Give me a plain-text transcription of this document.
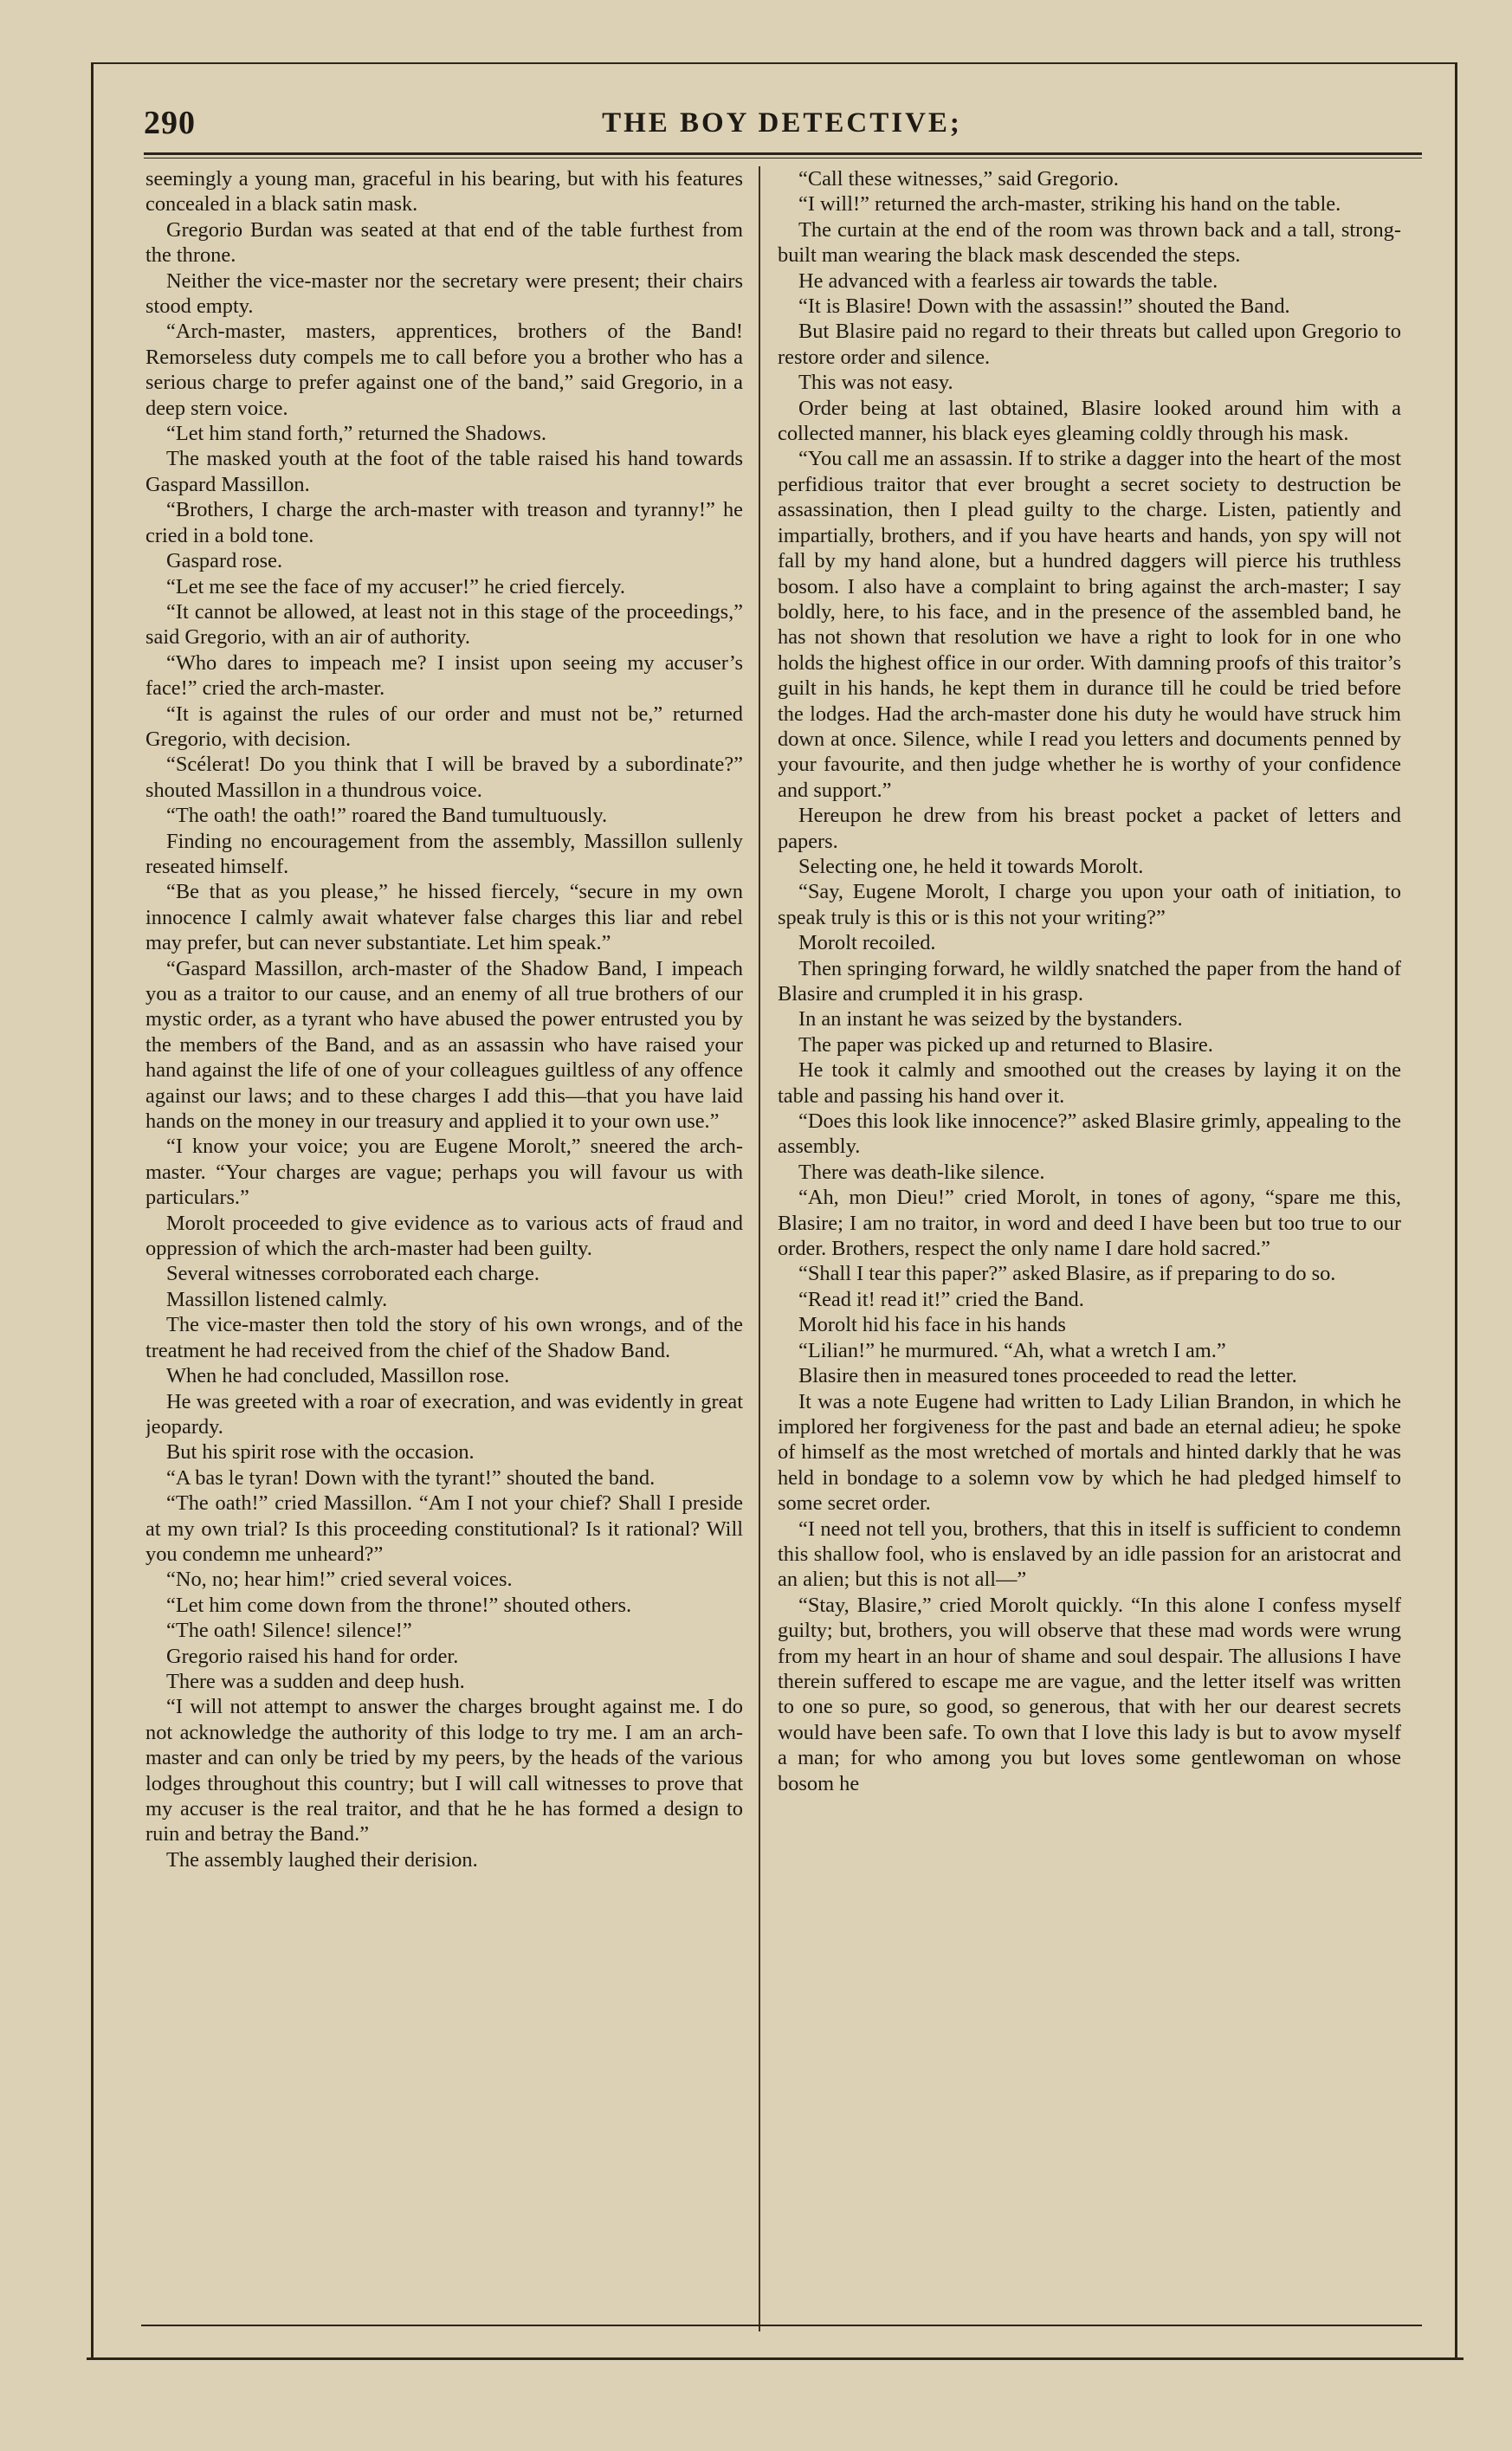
290	THE BOY DETECTIVE;

seemingly a young man, graceful in his bearing, but with his features concealed in a black satin mask.

Gregorio Burdan was seated at that end of the table furthest from the throne.

Neither the vice-master nor the secretary were present; their chairs stood empty.

“Arch-master, masters, apprentices, brothers of the Band! Remorseless duty compels me to call before you a brother who has a serious charge to prefer against one of the band,” said Gregorio, in a deep stern voice.

“Let him stand forth,” returned the Shadows.

The masked youth at the foot of the table raised his hand towards Gaspard Massillon.

“Brothers, I charge the arch-master with treason and tyranny!” he cried in a bold tone.

Gaspard rose.

“Let me see the face of my accuser!” he cried fiercely.

“It cannot be allowed, at least not in this stage of the proceedings,” said Gregorio, with an air of authority.

“Who dares to impeach me? I insist upon seeing my accuser’s face!” cried the arch-master.

“It is against the rules of our order and must not be,” returned Gregorio, with decision.

“Scélerat! Do you think that I will be braved by a subordinate?” shouted Massillon in a thundrous voice.

“The oath! the oath!” roared the Band tumultuously.

Finding no encouragement from the assembly, Massillon sullenly reseated himself.

“Be that as you please,” he hissed fiercely, “secure in my own innocence I calmly await whatever false charges this liar and rebel may prefer, but can never substantiate. Let him speak.”

“Gaspard Massillon, arch-master of the Shadow Band, I impeach you as a traitor to our cause, and an enemy of all true brothers of our mystic order, as a tyrant who have abused the power entrusted you by the members of the Band, and as an assassin who have raised your hand against the life of one of your colleagues guiltless of any offence against our laws; and to these charges I add this—that you have laid hands on the money in our treasury and applied it to your own use.”

“I know your voice; you are Eugene Morolt,” sneered the arch-master. “Your charges are vague; perhaps you will favour us with particulars.”

Morolt proceeded to give evidence as to various acts of fraud and oppression of which the arch-master had been guilty.

Several witnesses corroborated each charge.

Massillon listened calmly.

The vice-master then told the story of his own wrongs, and of the treatment he had received from the chief of the Shadow Band.

When he had concluded, Massillon rose.

He was greeted with a roar of execration, and was evidently in great jeopardy.

But his spirit rose with the occasion.

“A bas le tyran! Down with the tyrant!” shouted the band.

“The oath!” cried Massillon. “Am I not your chief? Shall I preside at my own trial? Is this proceeding constitutional? Is it rational? Will you condemn me unheard?”

“No, no; hear him!” cried several voices.

“Let him come down from the throne!” shouted others.

“The oath! Silence! silence!”

Gregorio raised his hand for order.

There was a sudden and deep hush.

“I will not attempt to answer the charges brought against me. I do not acknowledge the authority of this lodge to try me. I am an arch-master and can only be tried by my peers, by the heads of the various lodges throughout this country; but I will call witnesses to prove that my accuser is the real traitor, and that he he has formed a design to ruin and betray the Band.”

The assembly laughed their derision.

“Call these witnesses,” said Gregorio.

“I will!” returned the arch-master, striking his hand on the table.

The curtain at the end of the room was thrown back and a tall, strong-built man wearing the black mask descended the steps.

He advanced with a fearless air towards the table.

“It is Blasire! Down with the assassin!” shouted the Band.

But Blasire paid no regard to their threats but called upon Gregorio to restore order and silence.

This was not easy.

Order being at last obtained, Blasire looked around him with a collected manner, his black eyes gleaming coldly through his mask.

“You call me an assassin. If to strike a dagger into the heart of the most perfidious traitor that ever brought a secret society to destruction be assassination, then I plead guilty to the charge. Listen, patiently and impartially, brothers, and if you have hearts and hands, yon spy will not fall by my hand alone, but a hundred daggers will pierce his truthless bosom. I also have a complaint to bring against the arch-master; I say boldly, here, to his face, and in the presence of the assembled band, he has not shown that resolution we have a right to look for in one who holds the highest office in our order. With damning proofs of this traitor’s guilt in his hands, he kept them in durance till he could be tried before the lodges. Had the arch-master done his duty he would have struck him down at once. Silence, while I read you letters and documents penned by your favourite, and then judge whether he is worthy of your confidence and support.”

Hereupon he drew from his breast pocket a packet of letters and papers.

Selecting one, he held it towards Morolt.

“Say, Eugene Morolt, I charge you upon your oath of initiation, to speak truly is this or is this not your writing?”

Morolt recoiled.

Then springing forward, he wildly snatched the paper from the hand of Blasire and crumpled it in his grasp.

In an instant he was seized by the bystanders.

The paper was picked up and returned to Blasire.

He took it calmly and smoothed out the creases by laying it on the table and passing his hand over it.

“Does this look like innocence?” asked Blasire grimly, appealing to the assembly.

There was death-like silence.

“Ah, mon Dieu!” cried Morolt, in tones of agony, “spare me this, Blasire; I am no traitor, in word and deed I have been but too true to our order. Brothers, respect the only name I dare hold sacred.”

“Shall I tear this paper?” asked Blasire, as if preparing to do so.

“Read it! read it!” cried the Band.

Morolt hid his face in his hands

“Lilian!” he murmured. “Ah, what a wretch I am.”

Blasire then in measured tones proceeded to read the letter.

It was a note Eugene had written to Lady Lilian Brandon, in which he implored her forgiveness for the past and bade an eternal adieu; he spoke of himself as the most wretched of mortals and hinted darkly that he was held in bondage to a solemn vow by which he had pledged himself to some secret order.

“I need not tell you, brothers, that this in itself is sufficient to condemn this shallow fool, who is enslaved by an idle passion for an aristocrat and an alien; but this is not all—”

“Stay, Blasire,” cried Morolt quickly. “In this alone I confess myself guilty; but, brothers, you will observe that these mad words were wrung from my heart in an hour of shame and soul despair. The allusions I have therein suffered to escape me are vague, and the letter itself was written to one so pure, so good, so generous, that with her our dearest secrets would have been safe. To own that I love this lady is but to avow myself a man; for who among you but loves some gentlewoman on whose bosom he
